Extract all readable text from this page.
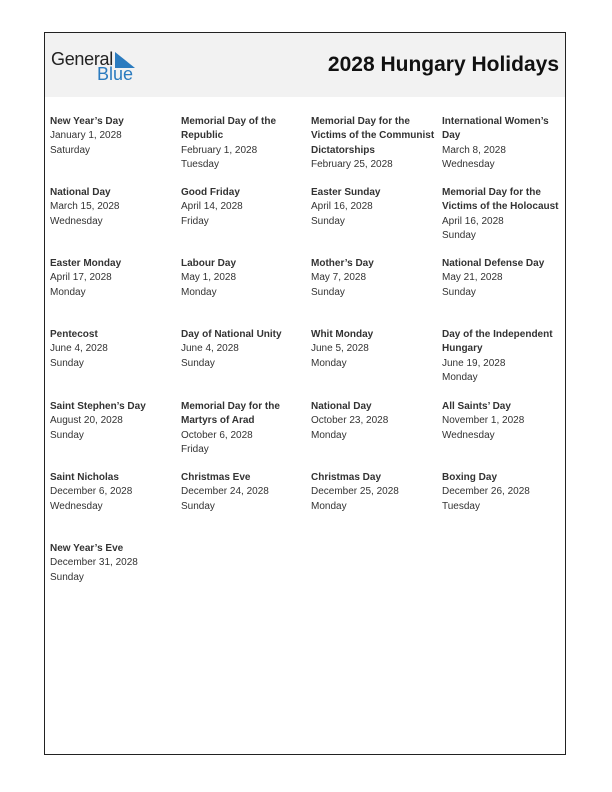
General
Blue	2028 Hungary Holidays
New Year’s Day
January 1, 2028
Saturday
Memorial Day of the Republic
February 1, 2028
Tuesday
Memorial Day for the Victims of the Communist Dictatorships
February 25, 2028
International Women’s Day
March 8, 2028
Wednesday
National Day
March 15, 2028
Wednesday
Good Friday
April 14, 2028
Friday
Easter Sunday
April 16, 2028
Sunday
Memorial Day for the Victims of the Holocaust
April 16, 2028
Sunday
Easter Monday
April 17, 2028
Monday
Labour Day
May 1, 2028
Monday
Mother’s Day
May 7, 2028
Sunday
National Defense Day
May 21, 2028
Sunday
Pentecost
June 4, 2028
Sunday
Day of National Unity
June 4, 2028
Sunday
Whit Monday
June 5, 2028
Monday
Day of the Independent Hungary
June 19, 2028
Monday
Saint Stephen’s Day
August 20, 2028
Sunday
Memorial Day for the Martyrs of Arad
October 6, 2028
Friday
National Day
October 23, 2028
Monday
All Saints’ Day
November 1, 2028
Wednesday
Saint Nicholas
December 6, 2028
Wednesday
Christmas Eve
December 24, 2028
Sunday
Christmas Day
December 25, 2028
Monday
Boxing Day
December 26, 2028
Tuesday
New Year’s Eve
December 31, 2028
Sunday
